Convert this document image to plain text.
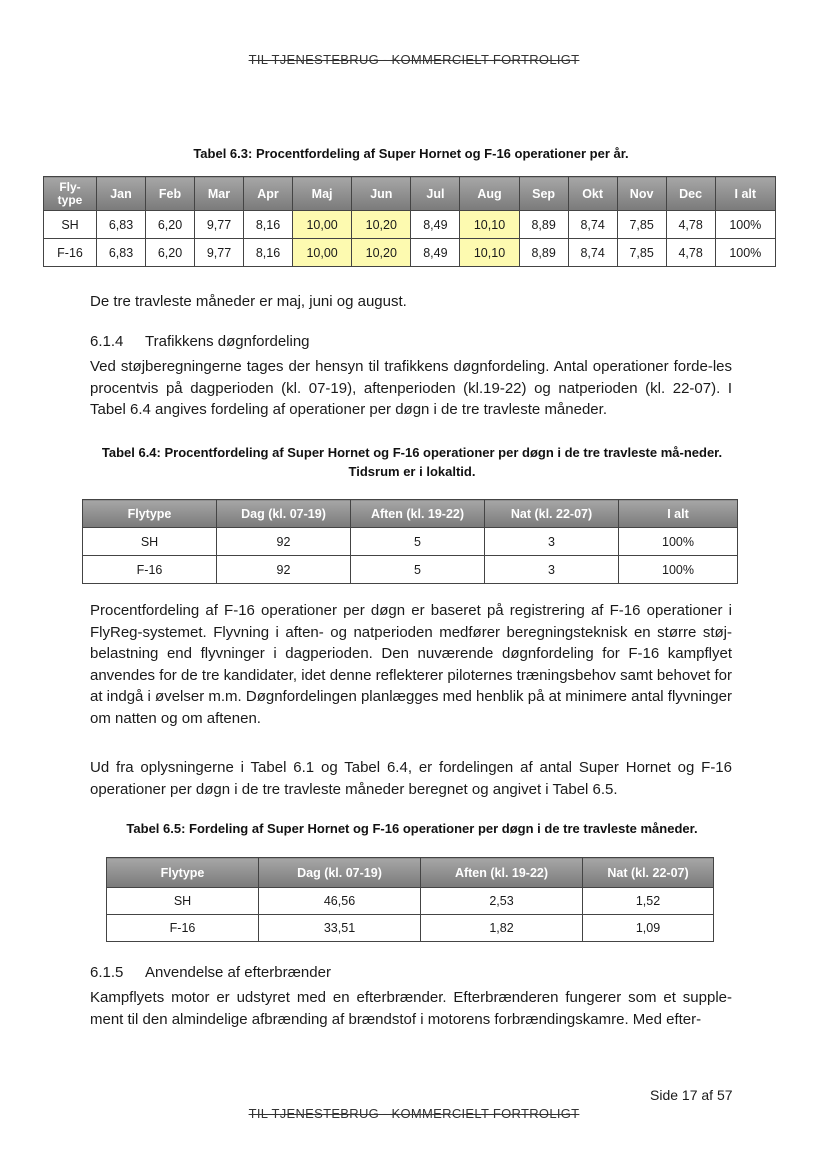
TIL TJENESTEBRUG - KOMMERCIELT FORTROLIGT
Tabel 6.3: Procentfordeling af Super Hornet og F-16 operationer per år.
Fly-type	Jan	Feb	Mar	Apr	Maj	Jun	Jul	Aug	Sep	Okt	Nov	Dec	I alt
SH	6,83	6,20	9,77	8,16	10,00	10,20	8,49	10,10	8,89	8,74	7,85	4,78	100%
F-16	6,83	6,20	9,77	8,16	10,00	10,20	8,49	10,10	8,89	8,74	7,85	4,78	100%
De tre travleste måneder er maj, juni og august.
6.1.4 Trafikkens døgnfordeling
Ved støjberegningerne tages der hensyn til trafikkens døgnfordeling. Antal operationer forde-les procentvis på dagperioden (kl. 07-19), aftenperioden (kl.19-22) og natperioden (kl. 22-07). I Tabel 6.4 angives fordeling af operationer per døgn i de tre travleste måneder.
Tabel 6.4: Procentfordeling af Super Hornet og F-16 operationer per døgn i de tre travleste må-neder. Tidsrum er i lokaltid.
Flytype	Dag (kl. 07-19)	Aften (kl. 19-22)	Nat (kl. 22-07)	I alt
SH	92	5	3	100%
F-16	92	5	3	100%
Procentfordeling af F-16 operationer per døgn er baseret på registrering af F-16 operationer i FlyReg-systemet. Flyvning i aften- og natperioden medfører beregningsteknisk en større støj-belastning end flyvninger i dagperioden. Den nuværende døgnfordeling for F-16 kampflyet anvendes for de tre kandidater, idet denne reflekterer piloternes træningsbehov samt behovet for at indgå i øvelser m.m. Døgnfordelingen planlægges med henblik på at minimere antal flyvninger om natten og om aftenen.
Ud fra oplysningerne i Tabel 6.1 og Tabel 6.4, er fordelingen af antal Super Hornet og F-16 operationer per døgn i de tre travleste måneder beregnet og angivet i Tabel 6.5.
Tabel 6.5: Fordeling af Super Hornet og F-16 operationer per døgn i de tre travleste måneder.
Flytype	Dag (kl. 07-19)	Aften (kl. 19-22)	Nat (kl. 22-07)
SH	46,56	2,53	1,52
F-16	33,51	1,82	1,09
6.1.5 Anvendelse af efterbrænder
Kampflyets motor er udstyret med en efterbrænder. Efterbrænderen fungerer som et supple-ment til den almindelige afbrænding af brændstof i motorens forbrændingskamre. Med efter-
Side 17 af 57
TIL TJENESTEBRUG - KOMMERCIELT FORTROLIGT
